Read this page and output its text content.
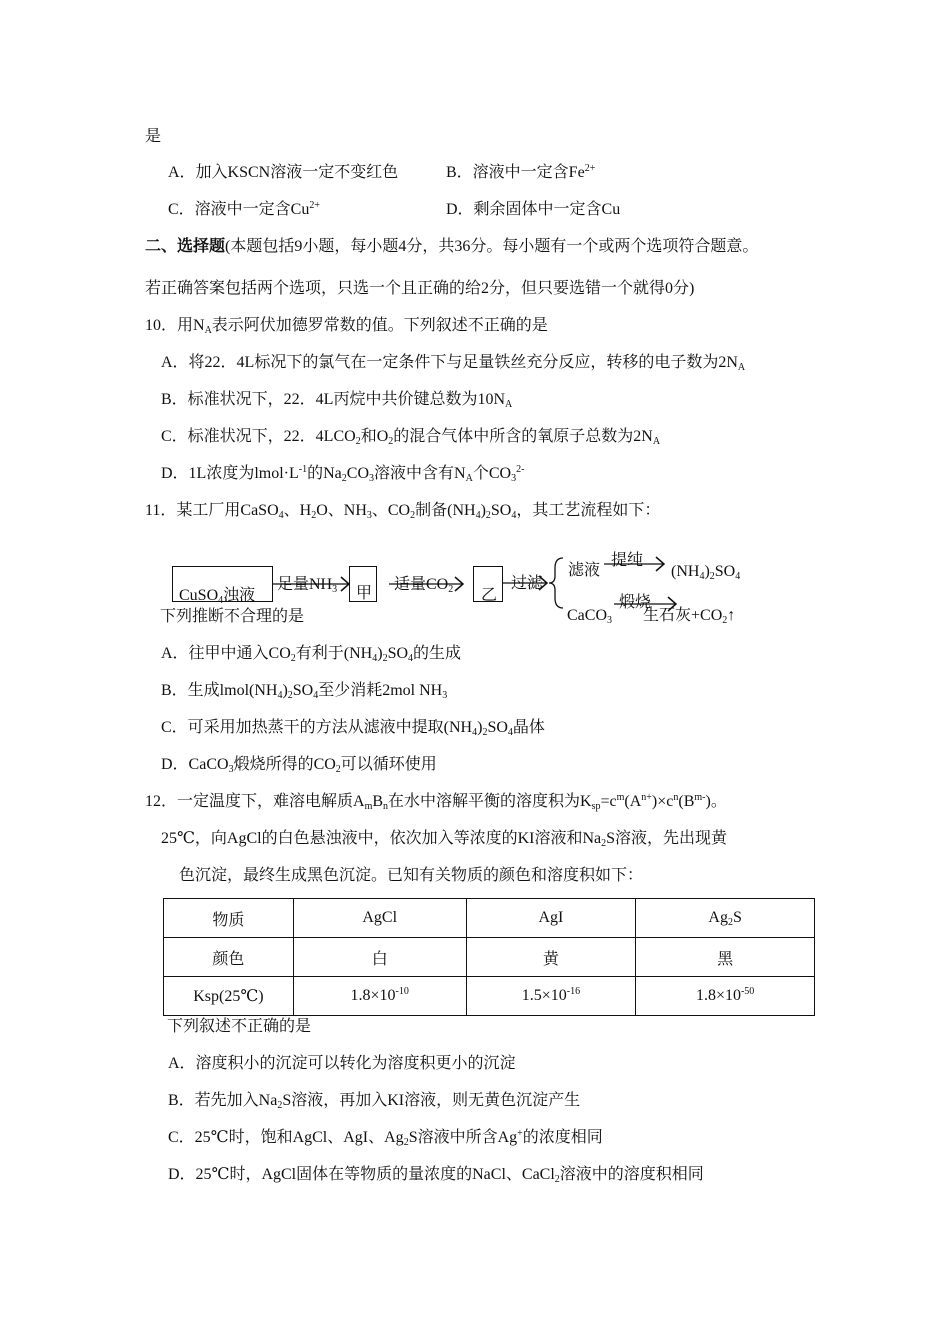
是
A．加入KSCN溶液一定不变红色	B．溶液中一定含$Fe^{2+}$
C．溶液中一定含$Cu^{2+}$	D．剩余固体中一定含Cu
二、选择题(本题包括9小题，每小题4分，共36分。每小题有一个或两个选项符合题意。
若正确答案包括两个选项，只选一个且正确的给2分，但只要选错一个就得0分)
10．用$N_A$表示阿伏加德罗常数的值。下列叙述不正确的是
A．将22．4L标况下的氯气在一定条件下与足量铁丝充分反应，转移的电子数为$2N_A$
B．标准状况下，22．4L丙烷中共价键总数为$10N_A$
C．标准状况下，22．$4LCO_2$和$O_2$的混合气体中所含的氧原子总数为$2N_A$
D．1L浓度为$lmol\cdot L^{-1}$的$Na_2CO_3$溶液中含有$N_A$个$CO_3^{2-}$
11．某工厂用CaSO$_4$、$H_2O$、$NH_3$、$CO_2$制备$(NH_4)_2SO_4$，其工艺流程如下：
CuSO$_4$浊液
足量$NH_3$ 甲
适量$CO_2$ 乙
过滤
滤液
提纯
$(NH_4)_2SO_4$
CaCO$_3$
煅烧
生石灰$+CO_2↑$
下列推断不合理的是
A．往甲中通入$CO_2$有利于$(NH_4)_2SO_4$的生成
B．生成$lmol(NH_4)_2SO_4$至少消耗2mol $NH_3$
C．可采用加热蒸干的方法从滤液中提取$(NH_4)_2SO_4$晶体
D．CaCO$_3$煅烧所得的$CO_2$可以循环使用
12．一定温度下，难溶电解质$A_mB_n$在水中溶解平衡的溶度积为$K_{sp}=c^m(A^{n+})\times c^n(B^{m-})$。
25℃，向AgCl的白色悬浊液中，依次加入等浓度的KI溶液和$Na_2S$溶液，先出现黄
色沉淀，最终生成黑色沉淀。已知有关物质的颜色和溶度积如下：
物质	AgCl	AgI	$Ag_2S$
颜色	白	黄	黑
Ksp(25℃)	$1.8\times 10^{-10}$	$1.5\times 10^{-16}$	$1.8\times 10^{-50}$
下列叙述不正确的是
A．溶度积小的沉淀可以转化为溶度积更小的沉淀
B．若先加入$Na_2S$溶液，再加入KI溶液，则无黄色沉淀产生
C．25℃时，饱和AgCl、AgI、$Ag_2S$溶液中所含Ag+的浓度相同
D．25℃时，AgCl固体在等物质的量浓度的NaCl、CaCl$_2$溶液中的溶度积相同
